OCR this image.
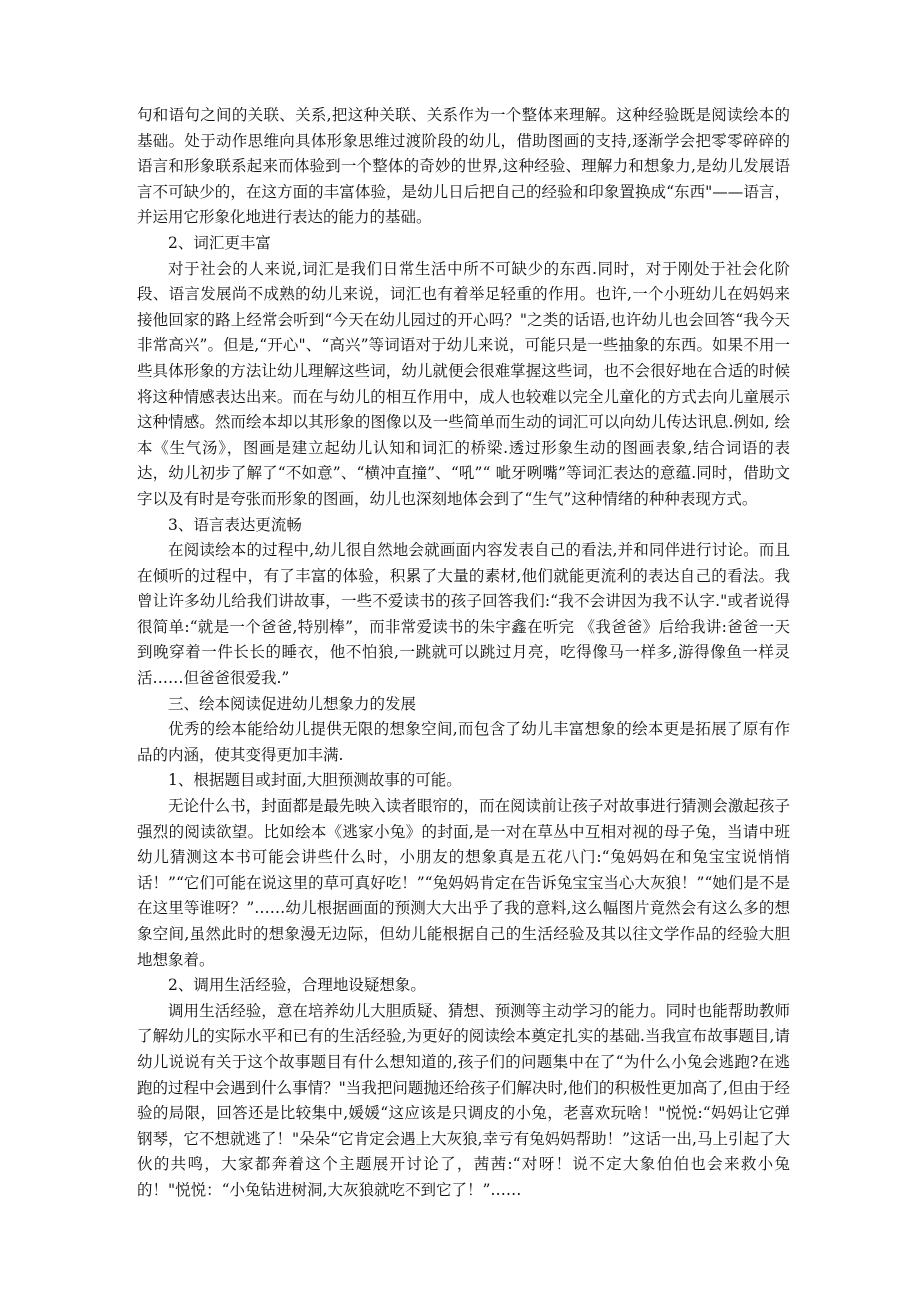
句和语句之间的关联、关系,把这种关联、关系作为一个整体来理解。这种经验既是阅读绘本的基础。处于动作思维向具体形象思维过渡阶段的幼儿，借助图画的支持,逐渐学会把零零碎碎的语言和形象联系起来而体验到一个整体的奇妙的世界,这种经验、理解力和想象力,是幼儿发展语言不可缺少的，在这方面的丰富体验，是幼儿日后把自己的经验和印象置换成“东西"——语言，并运用它形象化地进行表达的能力的基础。

2、词汇更丰富

对于社会的人来说,词汇是我们日常生活中所不可缺少的东西.同时，对于刚处于社会化阶段、语言发展尚不成熟的幼儿来说，词汇也有着举足轻重的作用。也许,一个小班幼儿在妈妈来接他回家的路上经常会听到“今天在幼儿园过的开心吗？"之类的话语,也许幼儿也会回答“我今天非常高兴”。但是,“开心"、“高兴”等词语对于幼儿来说，可能只是一些抽象的东西。如果不用一些具体形象的方法让幼儿理解这些词，幼儿就便会很难掌握这些词，也不会很好地在合适的时候将这种情感表达出来。而在与幼儿的相互作用中，成人也较难以完全儿童化的方式去向儿童展示这种情感。然而绘本却以其形象的图像以及一些简单而生动的词汇可以向幼儿传达讯息.例如, 绘本《生气汤》，图画是建立起幼儿认知和词汇的桥梁.透过形象生动的图画表象,结合词语的表达，幼儿初步了解了“不如意”、“横冲直撞”、“吼”“ 呲牙咧嘴”等词汇表达的意蕴.同时，借助文字以及有时是夸张而形象的图画，幼儿也深刻地体会到了“生气”这种情绪的种种表现方式。

3、语言表达更流畅

在阅读绘本的过程中,幼儿很自然地会就画面内容发表自己的看法,并和同伴进行讨论。而且在倾听的过程中，有了丰富的体验，积累了大量的素材,他们就能更流利的表达自己的看法。我曾让许多幼儿给我们讲故事，一些不爱读书的孩子回答我们:“我不会讲因为我不认字."或者说得很简单:“就是一个爸爸,特别棒”，而非常爱读书的朱宇鑫在听完 《我爸爸》后给我讲:爸爸一天到晚穿着一件长长的睡衣，他不怕狼,一跳就可以跳过月亮，吃得像马一样多,游得像鱼一样灵活……但爸爸很爱我.”

三、绘本阅读促进幼儿想象力的发展

优秀的绘本能给幼儿提供无限的想象空间,而包含了幼儿丰富想象的绘本更是拓展了原有作品的内涵，使其变得更加丰满.

1、根据题目或封面,大胆预测故事的可能。

无论什么书，封面都是最先映入读者眼帘的，而在阅读前让孩子对故事进行猜测会激起孩子强烈的阅读欲望。比如绘本《逃家小兔》的封面,是一对在草丛中互相对视的母子兔，当请中班幼儿猜测这本书可能会讲些什么时，小朋友的想象真是五花八门:“兔妈妈在和兔宝宝说悄悄话！”“它们可能在说这里的草可真好吃！”“兔妈妈肯定在告诉兔宝宝当心大灰狼！”“她们是不是在这里等谁呀？”……幼儿根据画面的预测大大出乎了我的意料,这么幅图片竟然会有这么多的想象空间,虽然此时的想象漫无边际，但幼儿能根据自己的生活经验及其以往文学作品的经验大胆地想象着。

2、调用生活经验，合理地设疑想象。

调用生活经验，意在培养幼儿大胆质疑、猜想、预测等主动学习的能力。同时也能帮助教师了解幼儿的实际水平和已有的生活经验,为更好的阅读绘本奠定扎实的基础.当我宣布故事题目,请幼儿说说有关于这个故事题目有什么想知道的,孩子们的问题集中在了“为什么小兔会逃跑?在逃跑的过程中会遇到什么事情？"当我把问题抛还给孩子们解决时,他们的积极性更加高了,但由于经验的局限，回答还是比较集中,媛媛“这应该是只调皮的小兔，老喜欢玩啥！"悦悦:“妈妈让它弹钢琴，它不想就逃了！"朵朵“它肯定会遇上大灰狼,幸亏有兔妈妈帮助！”这话一出,马上引起了大伙的共鸣，大家都奔着这个主题展开讨论了，茜茜:“对呀！说不定大象伯伯也会来救小兔的！"悦悦：“小兔钻进树洞,大灰狼就吃不到它了！”……
